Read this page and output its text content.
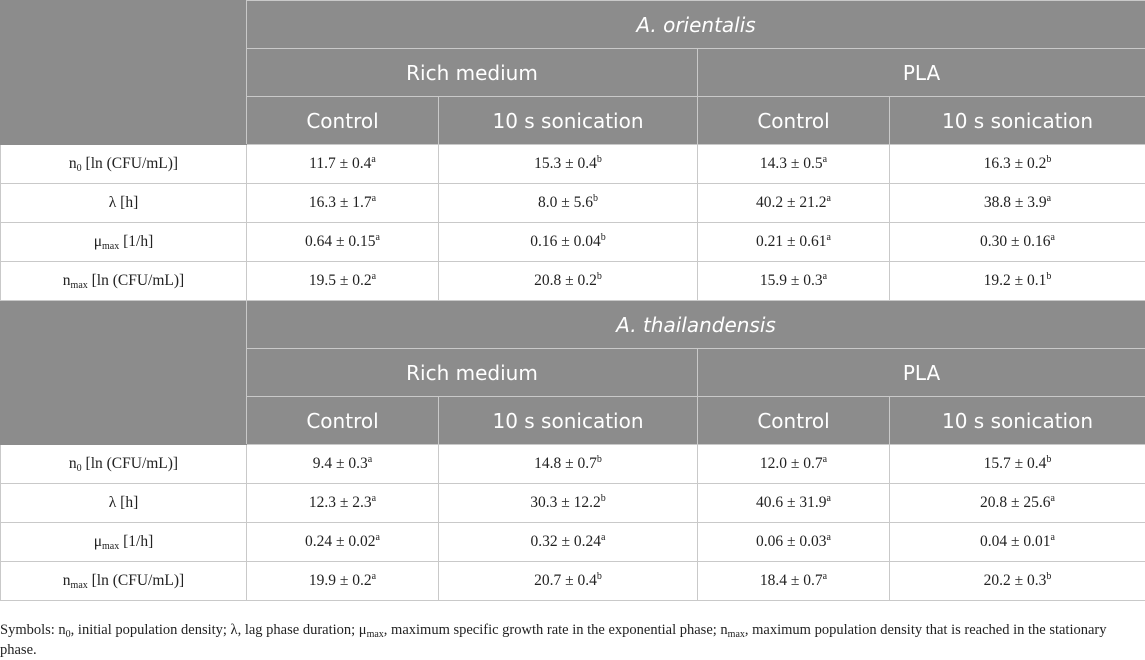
	A. orientalis			
	Rich medium		PLA	
	Control	10 s sonication	Control	10 s sonication
$n_0$ [ln (CFU/mL)]	11.7 ± 0.4$^a$	15.3 ± 0.4$^b$	14.3 ± 0.5$^a$	16.3 ± 0.2$^b$
λ [h]	16.3 ± 1.7$^a$	8.0 ± 5.6$^b$	40.2 ± 21.2$^a$	38.8 ± 3.9$^a$
$\mu_{max}$ [1/h]	0.64 ± 0.15$^a$	0.16 ± 0.04$^b$	0.21 ± 0.61$^a$	0.30 ± 0.16$^a$
$n_{max}$ [ln (CFU/mL)]	19.5 ± 0.2$^a$	20.8 ± 0.2$^b$	15.9 ± 0.3$^a$	19.2 ± 0.1$^b$
	A. thailandensis			
	Rich medium		PLA	
	Control	10 s sonication	Control	10 s sonication
$n_0$ [ln (CFU/mL)]	9.4 ± 0.3$^a$	14.8 ± 0.7$^b$	12.0 ± 0.7$^a$	15.7 ± 0.4$^b$
λ [h]	12.3 ± 2.3$^a$	30.3 ± 12.2$^b$	40.6 ± 31.9$^a$	20.8 ± 25.6$^a$
$\mu_{max}$ [1/h]	0.24 ± 0.02$^a$	0.32 ± 0.24$^a$	0.06 ± 0.03$^a$	0.04 ± 0.01$^a$
$n_{max}$ [ln (CFU/mL)]	19.9 ± 0.2$^a$	20.7 ± 0.4$^b$	18.4 ± 0.7$^a$	20.2 ± 0.3$^b$
Symbols: $n_0$, initial population density; λ, lag phase duration; $\mu_{max}$, maximum specific growth rate in the exponential phase; $n_{max}$, maximum population density that is reached in the stationary phase.
